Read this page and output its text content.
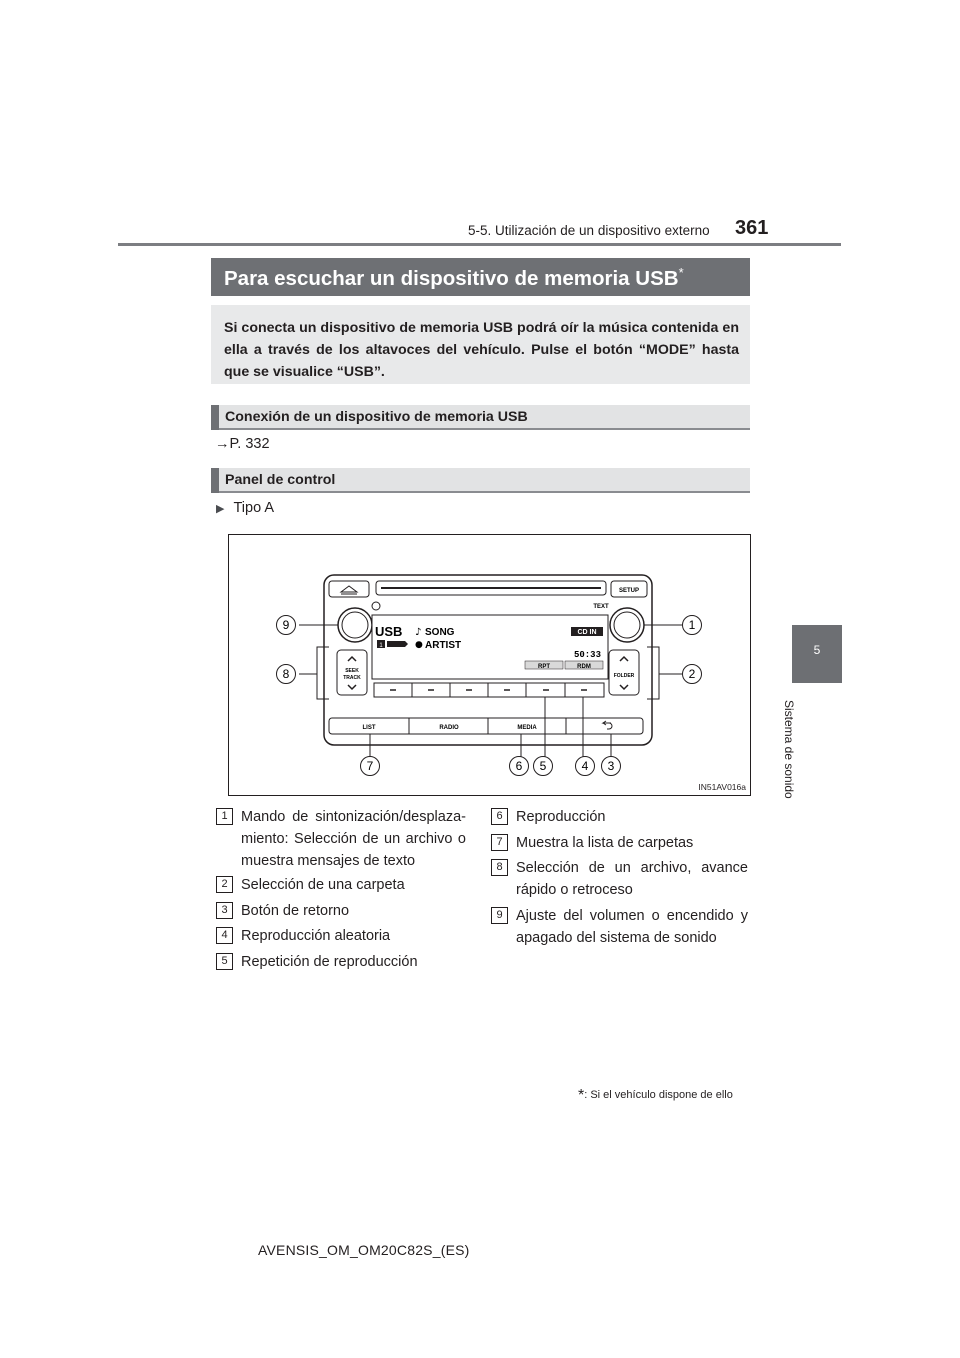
5-5. Utilización de un dispositivo externo 361
5
Sistema de sonido
Para escuchar un dispositivo de memoria USB*

Si conecta un dispositivo de memoria USB podrá oír la música contenida en ella a través de los altavoces del vehículo. Pulse el botón “MODE” hasta que se visualice “USB”.

Conexión de un dispositivo de memoria USB
→P. 332
Panel de control
▶ Tipo A
SETUP
TEXT
USB
1
♪ SONG
● ARTIST
CD IN
50:33
RPT	RDM
SEEK
TRACK	FOLDER
LIST	RADIO	MEDIA
9
8
1
2
7	6 5	4 3
IN51AV016a
1 Mando de sintonización/desplazamiento: Selección de un archivo o muestra mensajes de texto
2 Selección de una carpeta
3 Botón de retorno
4 Reproducción aleatoria
5 Repetición de reproducción
6 Reproducción
7 Muestra la lista de carpetas
8 Selección de un archivo, avance rápido o retroceso
9 Ajuste del volumen o encendido y apagado del sistema de sonido
*: Si el vehículo dispone de ello
AVENSIS_OM_OM20C82S_(ES)
